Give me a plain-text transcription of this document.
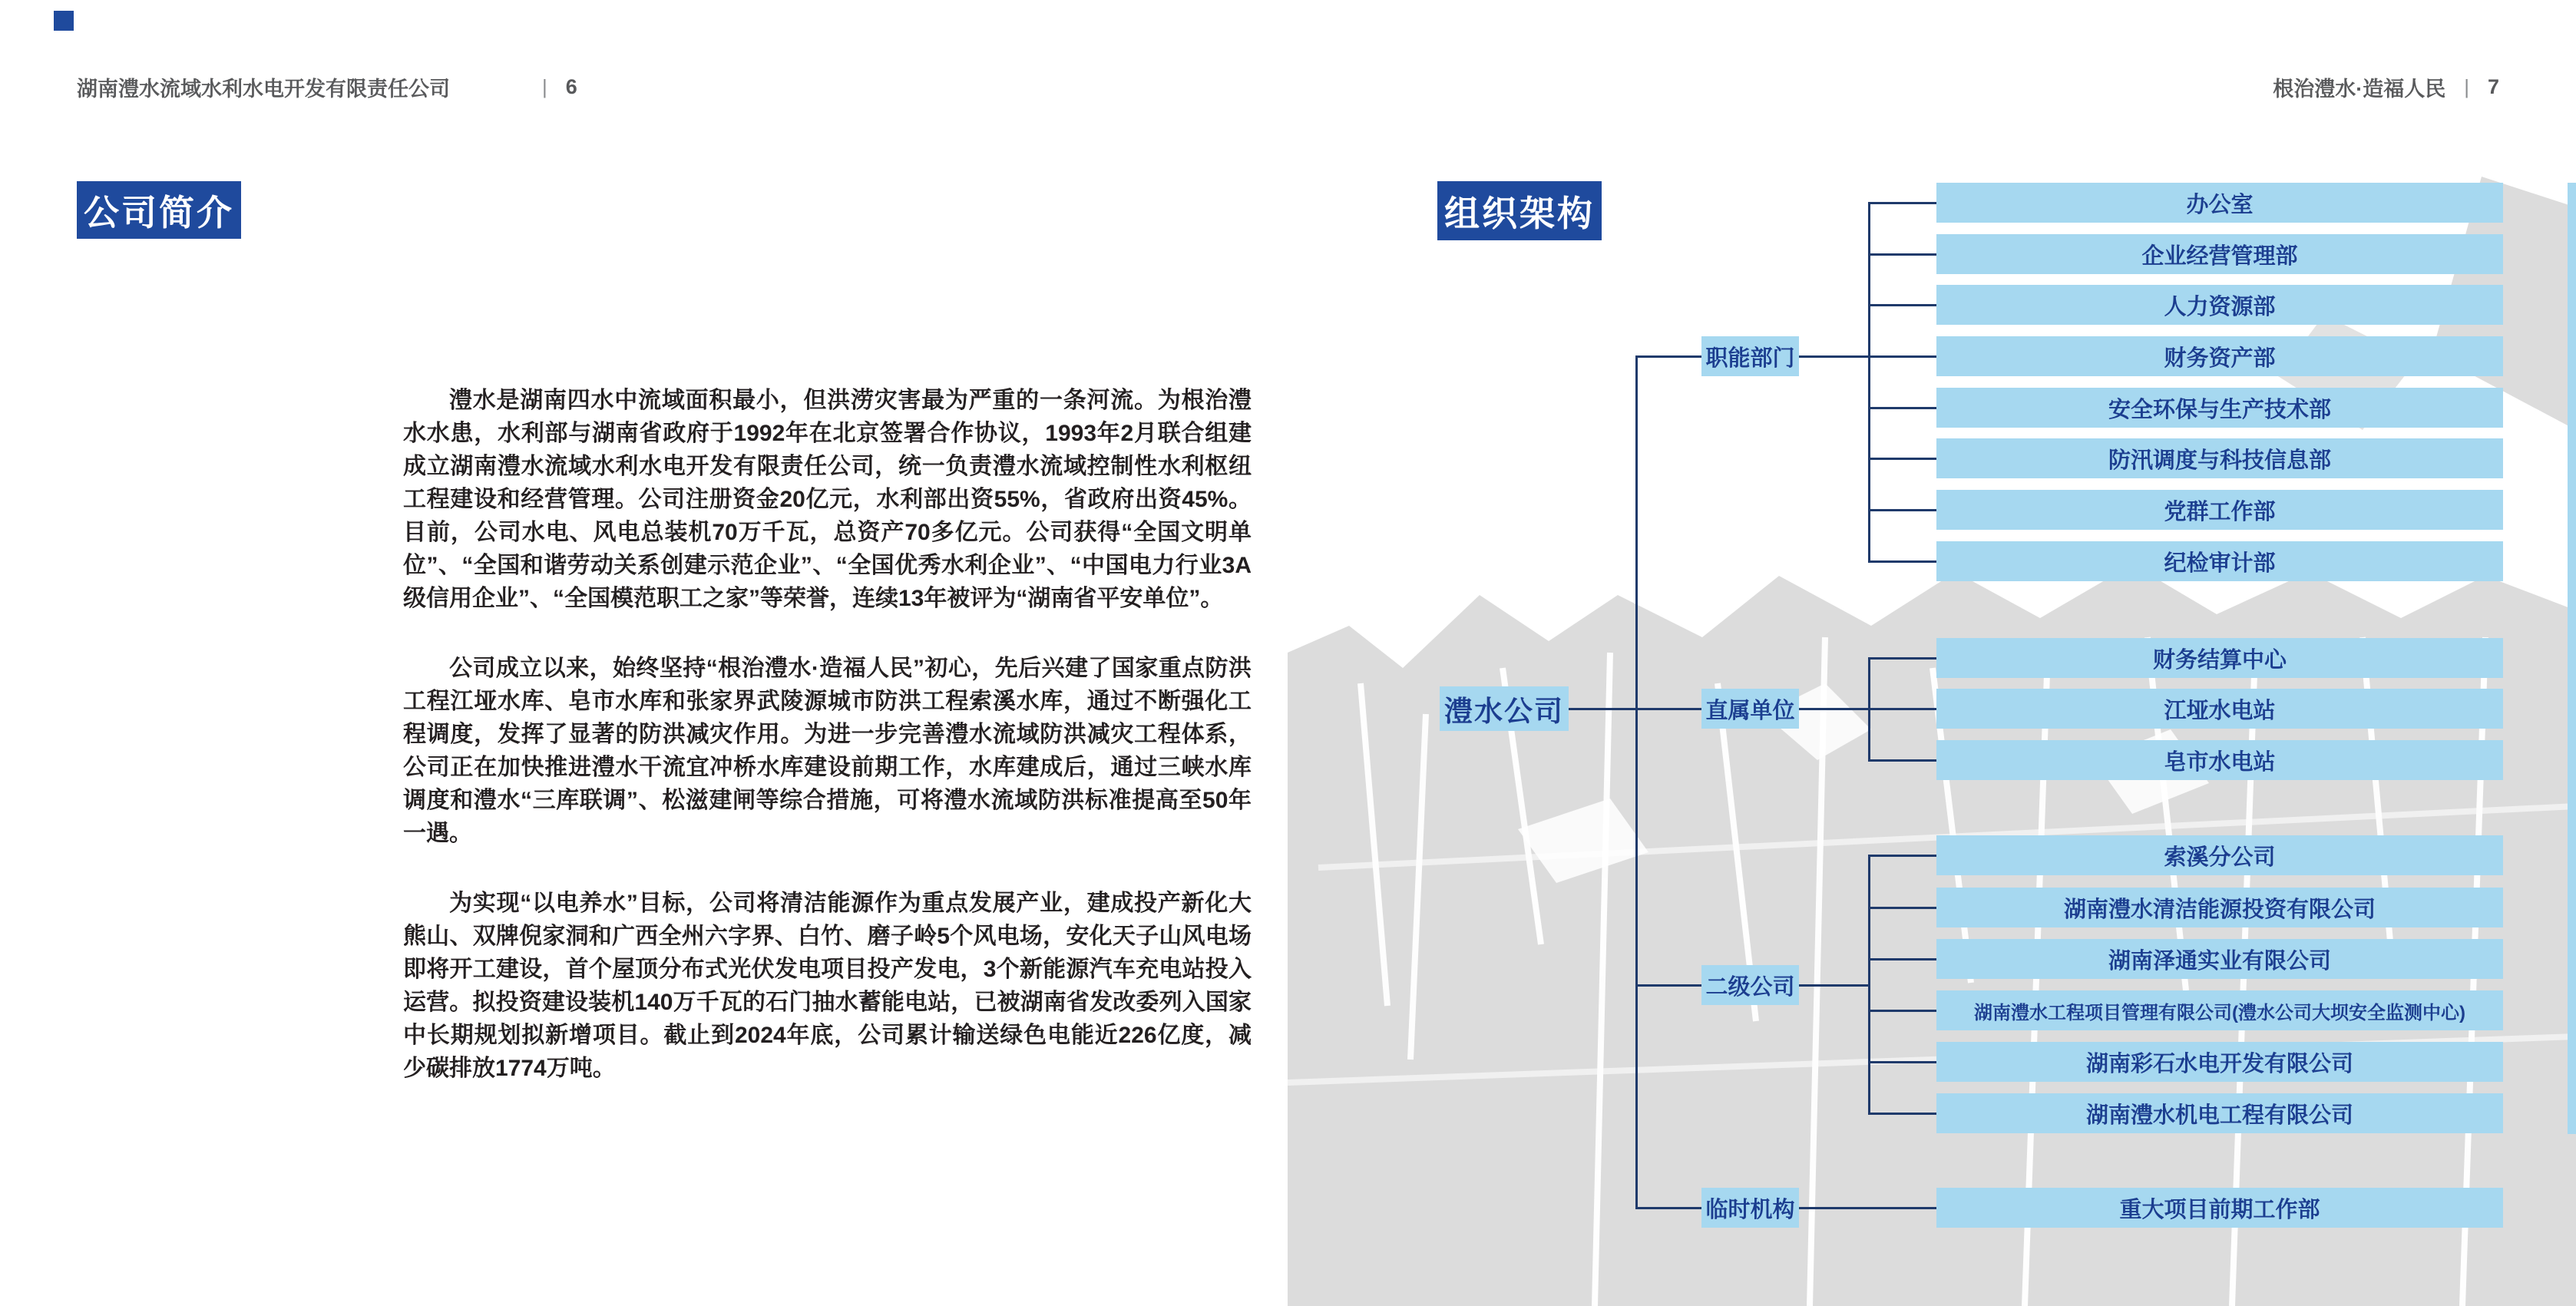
湖南澧水流域水利水电开发有限责任公司	| 6	根治澧水·造福人民 | 7
公司简介	组织架构

澧水是湖南四水中流域面积最小，但洪涝灾害最为严重的一条河流。为根治澧水水患，水利部与湖南省政府于1992年在北京签署合作协议，1993年2月联合组建成立湖南澧水流域水利水电开发有限责任公司，统一负责澧水流域控制性水利枢纽工程建设和经营管理。公司注册资金20亿元，水利部出资55%，省政府出资45%。目前，公司水电、风电总装机70万千瓦，总资产70多亿元。公司获得“全国文明单位”、“全国和谐劳动关系创建示范企业”、“全国优秀水利企业”、“中国电力行业3A级信用企业”、“全国模范职工之家”等荣誉，连续13年被评为“湖南省平安单位”。

公司成立以来，始终坚持“根治澧水·造福人民”初心，先后兴建了国家重点防洪工程江垭水库、皂市水库和张家界武陵源城市防洪工程索溪水库，通过不断强化工程调度，发挥了显著的防洪减灾作用。为进一步完善澧水流域防洪减灾工程体系，公司正在加快推进澧水干流宜冲桥水库建设前期工作，水库建成后，通过三峡水库调度和澧水“三库联调”、松滋建闸等综合措施，可将澧水流域防洪标准提高至50年一遇。

为实现“以电养水”目标，公司将清洁能源作为重点发展产业，建成投产新化大熊山、双牌倪家洞和广西全州六字界、白竹、磨子岭5个风电场，安化天子山风电场即将开工建设，首个屋顶分布式光伏发电项目投产发电，3个新能源汽车充电站投入运营。拟投资建设装机140万千瓦的石门抽水蓄能电站，已被湖南省发改委列入国家中长期规划拟新增项目。截止到2024年底，公司累计输送绿色电能近226亿度，减少碳排放1774万吨。

澧水公司
职能部门
办公室
企业经营管理部
人力资源部
财务资产部
安全环保与生产技术部
防汛调度与科技信息部
党群工作部
纪检审计部
直属单位
财务结算中心
江垭水电站
皂市水电站
二级公司
索溪分公司
湖南澧水清洁能源投资有限公司
湖南泽通实业有限公司
湖南澧水工程项目管理有限公司(澧水公司大坝安全监测中心)
湖南彩石水电开发有限公司
湖南澧水机电工程有限公司
临时机构	重大项目前期工作部
